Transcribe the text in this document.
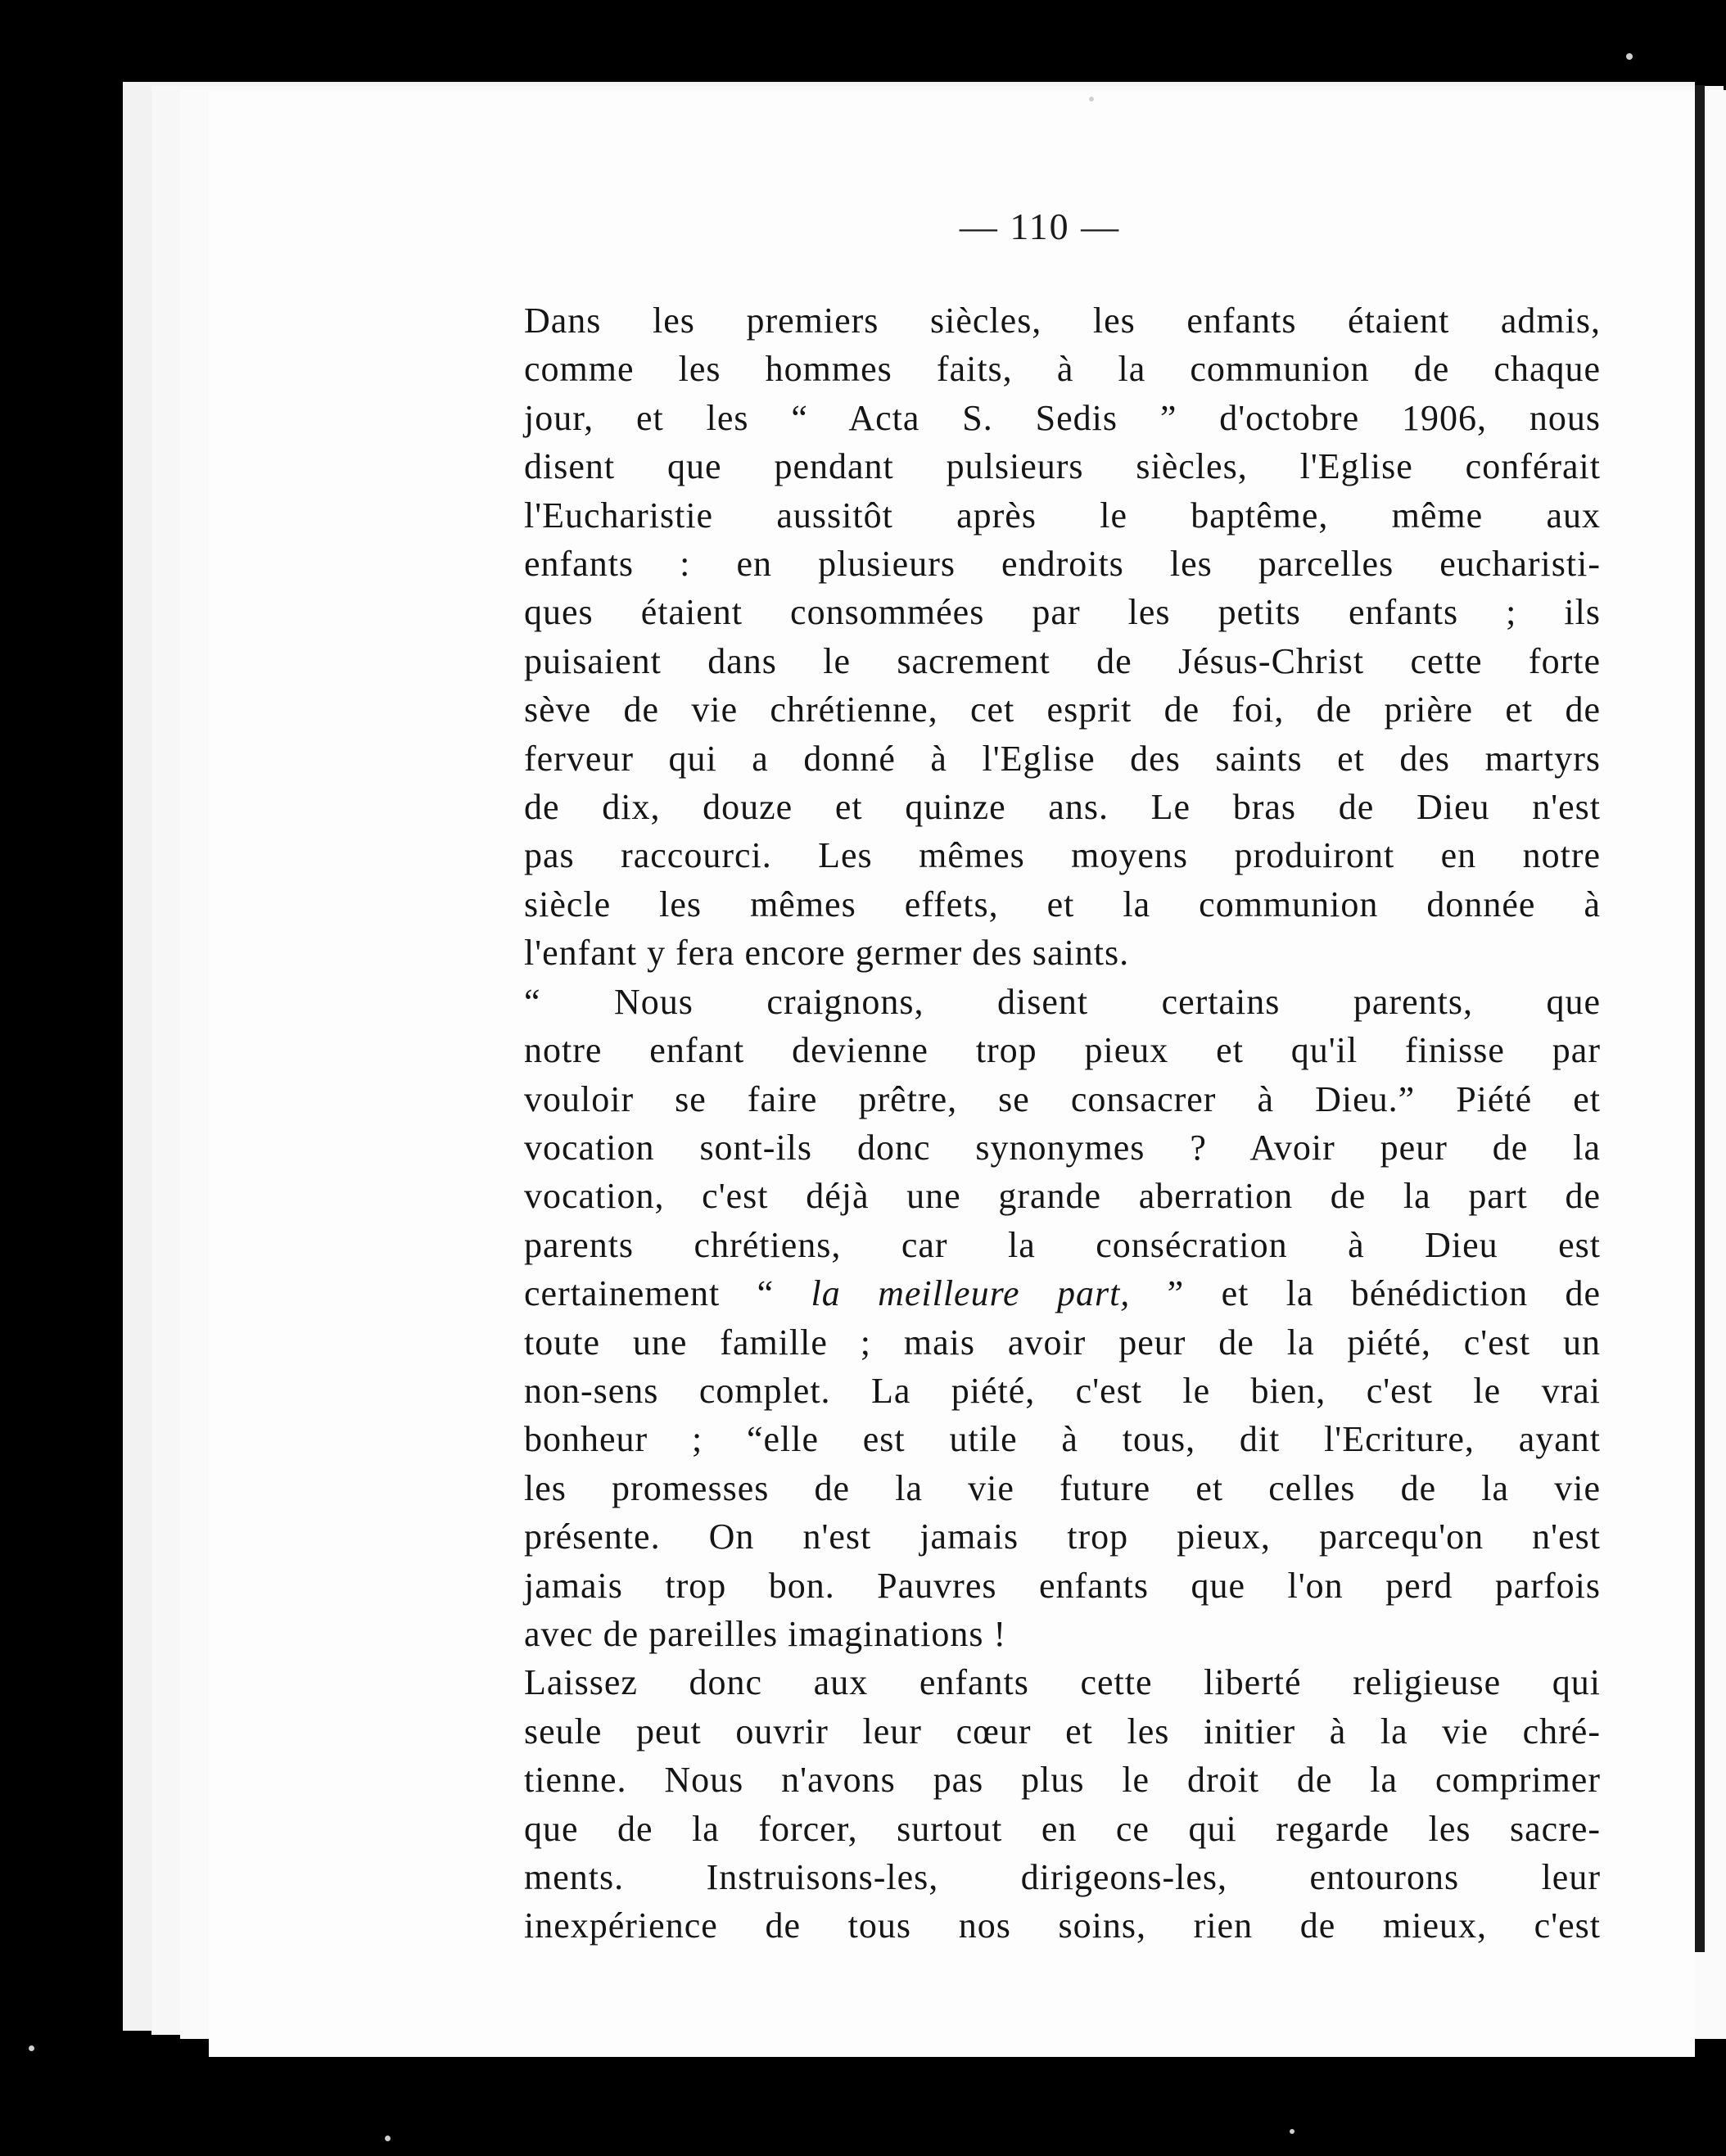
— 110 —

Dans les premiers siècles, les enfants étaient admis,
comme les hommes faits, à la communion de chaque
jour, et les “ Acta S. Sedis ” d'octobre 1906, nous
disent que pendant pulsieurs siècles, l'Eglise conférait
l'Eucharistie aussitôt après le baptême, même aux
enfants : en plusieurs endroits les parcelles eucharisti-
ques étaient consommées par les petits enfants ; ils
puisaient dans le sacrement de Jésus-Christ cette forte
sève de vie chrétienne, cet esprit de foi, de prière et de
ferveur qui a donné à l'Eglise des saints et des martyrs
de dix, douze et quinze ans. Le bras de Dieu n'est
pas raccourci. Les mêmes moyens produiront en notre
siècle les mêmes effets, et la communion donnée à
l'enfant y fera encore germer des saints.

“ Nous craignons, disent certains parents, que
notre enfant devienne trop pieux et qu'il finisse par
vouloir se faire prêtre, se consacrer à Dieu.” Piété et
vocation sont-ils donc synonymes ? Avoir peur de la
vocation, c'est déjà une grande aberration de la part de
parents chrétiens, car la consécration à Dieu est
certainement “ la meilleure part, ” et la bénédiction de
toute une famille ; mais avoir peur de la piété, c'est un
non-sens complet. La piété, c'est le bien, c'est le vrai
bonheur ; “elle est utile à tous, dit l'Ecriture, ayant
les promesses de la vie future et celles de la vie
présente. On n'est jamais trop pieux, parcequ'on n'est
jamais trop bon. Pauvres enfants que l'on perd parfois
avec de pareilles imaginations !

Laissez donc aux enfants cette liberté religieuse qui
seule peut ouvrir leur cœur et les initier à la vie chré-
tienne. Nous n'avons pas plus le droit de la comprimer
que de la forcer, surtout en ce qui regarde les sacre-
ments. Instruisons-les, dirigeons-les, entourons leur
inexpérience de tous nos soins, rien de mieux, c'est
